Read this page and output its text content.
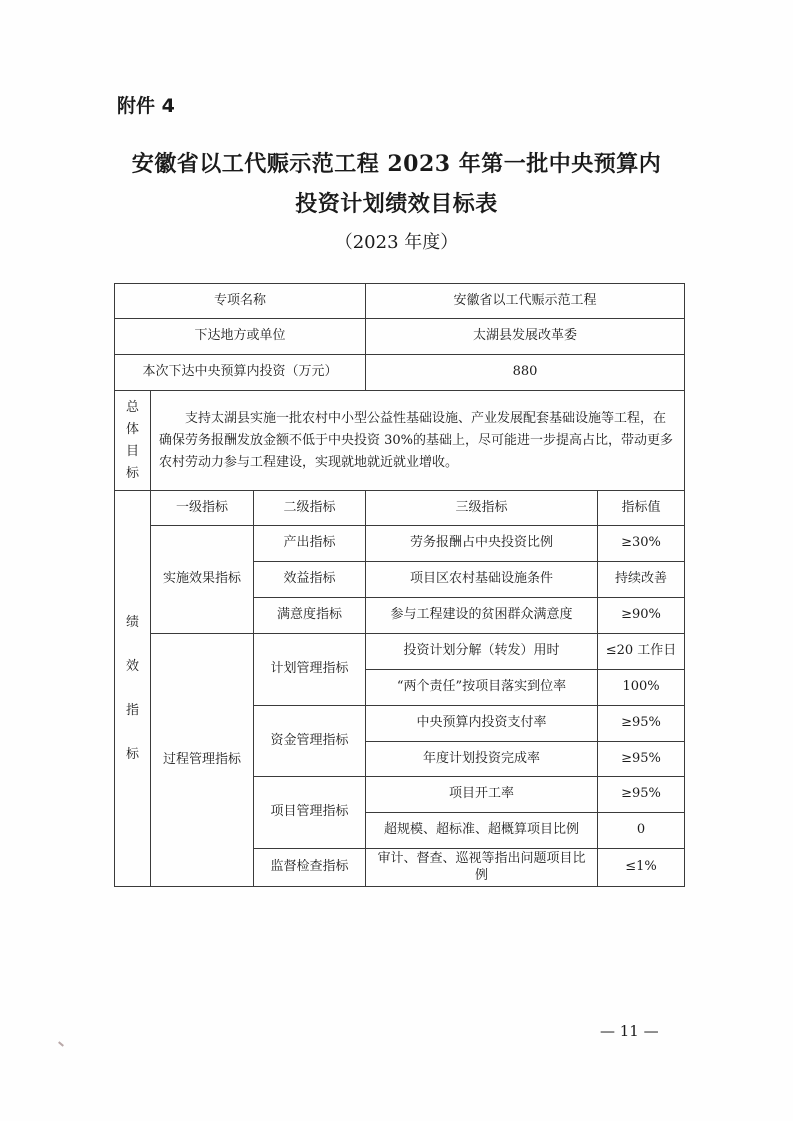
附件 4
安徽省以工代赈示范工程 2023 年第一批中央预算内
投资计划绩效目标表
（2023 年度）
专项名称			安徽省以工代赈示范工程	
下达地方或单位			太湖县发展改革委	
本次下达中央预算内投资（万元）			880	
总
体
目
标	支持太湖县实施一批农村中小型公益性基础设施、产业发展配套基础设施等工程，在确保劳务报酬发放金额不低于中央投资 30%的基础上，尽可能进一步提高占比，带动更多农村劳动力参与工程建设，实现就地就近就业增收。			
绩

效

指

标	一级指标	二级指标	三级指标	指标值
	实施效果指标	产出指标	劳务报酬占中央投资比例	≥30%
		效益指标	项目区农村基础设施条件	持续改善
		满意度指标	参与工程建设的贫困群众满意度	≥90%
	过程管理指标	计划管理指标	投资计划分解（转发）用时	≤20 工作日
			“两个责任”按项目落实到位率	100%
		资金管理指标	中央预算内投资支付率	≥95%
			年度计划投资完成率	≥95%
		项目管理指标	项目开工率	≥95%
			超规模、超标准、超概算项目比例	0
		监督检查指标	审计、督查、巡视等指出问题项目比例	≤1%
— 11 —
